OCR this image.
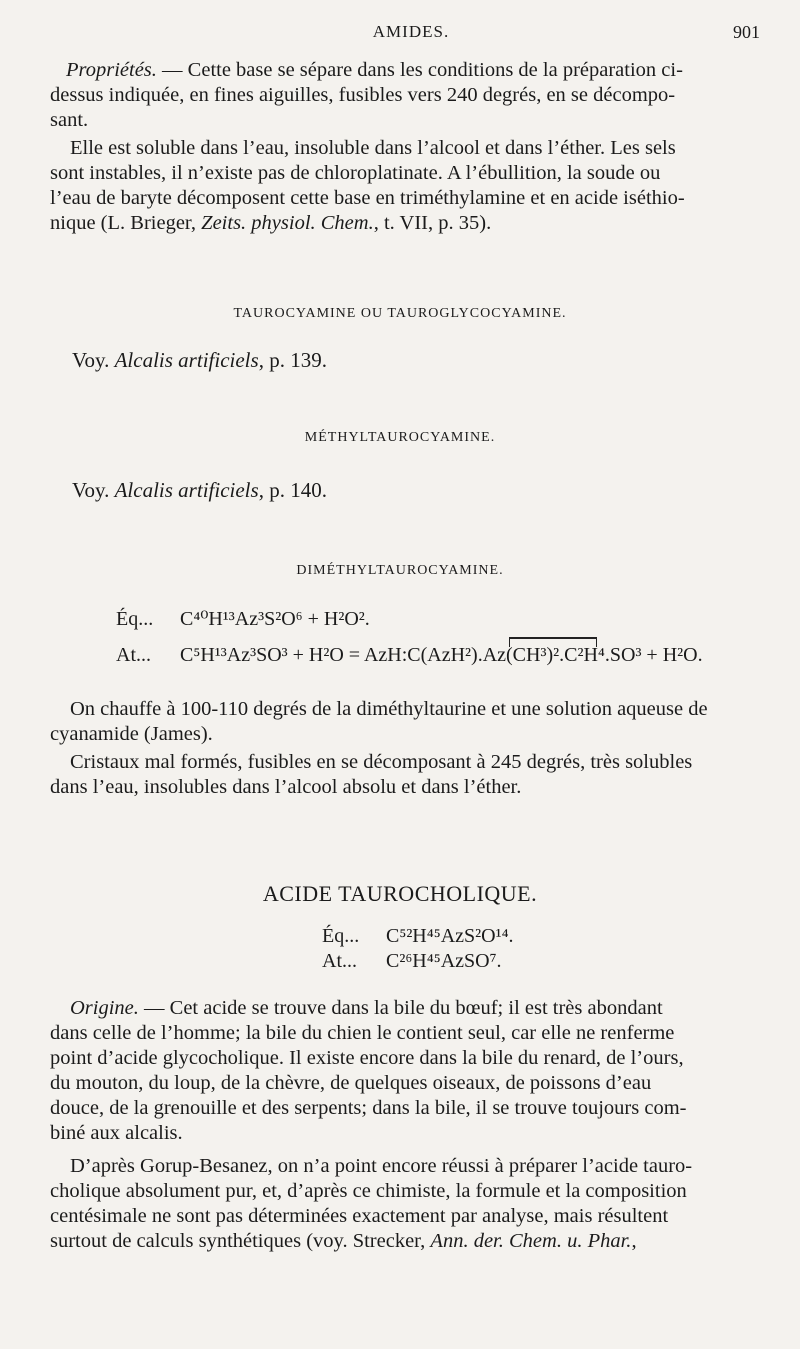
AMIDES.	901
Propriétés. — Cette base se sépare dans les conditions de la préparation ci-
dessus indiquée, en fines aiguilles, fusibles vers 240 degrés, en se décompo-
sant.
Elle est soluble dans l’eau, insoluble dans l’alcool et dans l’éther. Les sels
sont instables, il n’existe pas de chloroplatinate. A l’ébullition, la soude ou
l’eau de baryte décomposent cette base en triméthylamine et en acide iséthio-
nique (L. Brieger, Zeits. physiol. Chem., t. VII, p. 35).

TAUROCYAMINE OU TAUROGLYCOCYAMINE.

Voy. Alcalis artificiels, p. 139.

MÉTHYLTAUROCYAMINE.

Voy. Alcalis artificiels, p. 140.

DIMÉTHYLTAUROCYAMINE.

Éq... C⁴⁰H¹³Az³S²O⁶ + H²O².

At... C⁵H¹³Az³SO³ + H²O = AzH:C(AzH²).Az(CH³)².C²H⁴.SO³ + H²O.

On chauffe à 100-110 degrés de la diméthyltaurine et une solution aqueuse de
cyanamide (James).
Cristaux mal formés, fusibles en se décomposant à 245 degrés, très solubles
dans l’eau, insolubles dans l’alcool absolu et dans l’éther.

ACIDE TAUROCHOLIQUE.

Éq... C⁵²H⁴⁵AzS²O¹⁴.

At... C²⁶H⁴⁵AzSO⁷.

Origine. — Cet acide se trouve dans la bile du bœuf; il est très abondant
dans celle de l’homme; la bile du chien le contient seul, car elle ne renferme
point d’acide glycocholique. Il existe encore dans la bile du renard, de l’ours,
du mouton, du loup, de la chèvre, de quelques oiseaux, de poissons d’eau
douce, de la grenouille et des serpents; dans la bile, il se trouve toujours com-
biné aux alcalis.
D’après Gorup-Besanez, on n’a point encore réussi à préparer l’acide tauro-
cholique absolument pur, et, d’après ce chimiste, la formule et la composition
centésimale ne sont pas déterminées exactement par analyse, mais résultent
surtout de calculs synthétiques (voy. Strecker, Ann. der. Chem. u. Phar.,
